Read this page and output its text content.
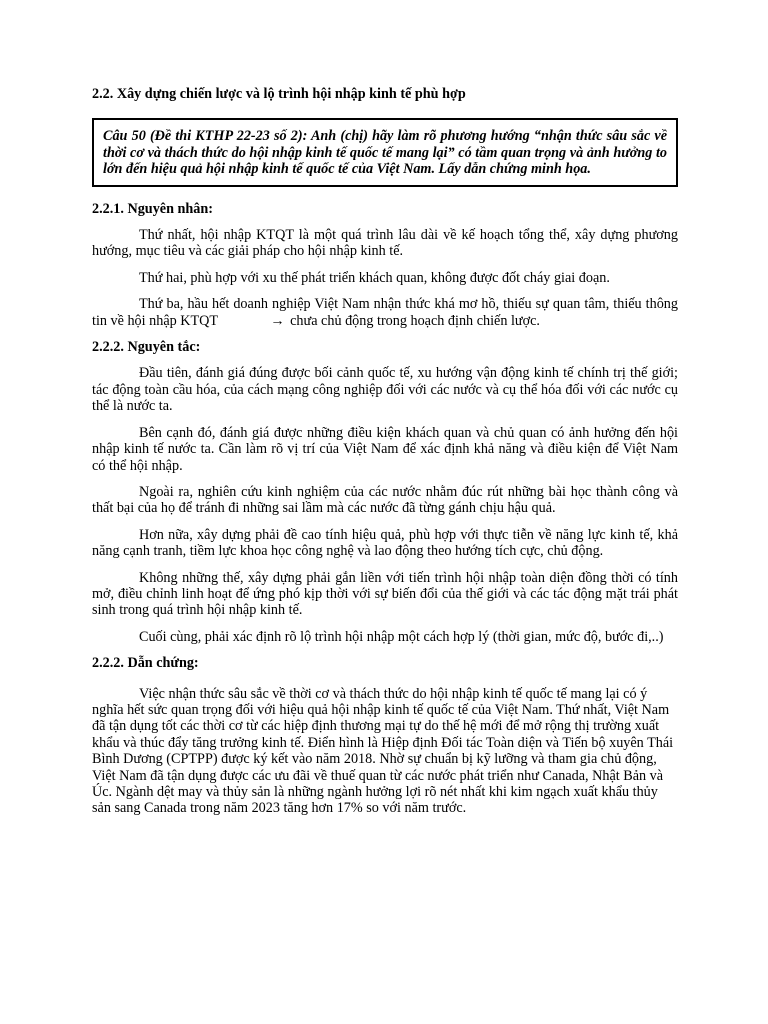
2.2. Xây dựng chiến lược và lộ trình hội nhập kinh tế phù hợp
Câu 50 (Đề thi KTHP 22-23 số 2): Anh (chị) hãy làm rõ phương hướng “nhận thức sâu sắc về thời cơ và thách thức do hội nhập kinh tế quốc tế mang lại” có tầm quan trọng và ảnh hưởng to lớn đến hiệu quả hội nhập kinh tế quốc tế của Việt Nam. Lấy dẫn chứng minh họa.
2.2.1. Nguyên nhân:
Thứ nhất, hội nhập KTQT là một quá trình lâu dài về kế hoạch tổng thể, xây dựng phương hướng, mục tiêu và các giải pháp cho hội nhập kinh tế.
Thứ hai, phù hợp với xu thế phát triển khách quan, không được đốt cháy giai đoạn.
Thứ ba, hầu hết doanh nghiệp Việt Nam nhận thức khá mơ hồ, thiếu sự quan tâm, thiếu thông tin về hội nhập KTQT	→ chưa chủ động trong hoạch định chiến lược.
2.2.2. Nguyên tắc:
Đầu tiên, đánh giá đúng được bối cảnh quốc tế, xu hướng vận động kinh tế chính trị thế giới; tác động toàn cầu hóa, của cách mạng công nghiệp đối với các nước và cụ thể hóa đối với các nước cụ thể là nước ta.
Bên cạnh đó, đánh giá được những điều kiện khách quan và chủ quan có ảnh hưởng đến hội nhập kinh tế nước ta. Cần làm rõ vị trí của Việt Nam để xác định khả năng và điều kiện để Việt Nam có thể hội nhập.
Ngoài ra, nghiên cứu kinh nghiệm của các nước nhằm đúc rút những bài học thành công và thất bại của họ để tránh đi những sai lầm mà các nước đã từng gánh chịu hậu quả.
Hơn nữa, xây dựng phải đề cao tính hiệu quả, phù hợp với thực tiễn về năng lực kinh tế, khả năng cạnh tranh, tiềm lực khoa học công nghệ và lao động theo hướng tích cực, chủ động.
Không những thế, xây dựng phải gắn liền với tiến trình hội nhập toàn diện đồng thời có tính mở, điều chỉnh linh hoạt để ứng phó kịp thời với sự biến đổi của thế giới và các tác động mặt trái phát sinh trong quá trình hội nhập kinh tế.
Cuối cùng, phải xác định rõ lộ trình hội nhập một cách hợp lý (thời gian, mức độ, bước đi,..)
2.2.2. Dẫn chứng:
Việc nhận thức sâu sắc về thời cơ và thách thức do hội nhập kinh tế quốc tế mang lại có ý nghĩa hết sức quan trọng đối với hiệu quả hội nhập kinh tế quốc tế của Việt Nam. Thứ nhất, Việt Nam đã tận dụng tốt các thời cơ từ các hiệp định thương mại tự do thế hệ mới để mở rộng thị trường xuất khẩu và thúc đẩy tăng trưởng kinh tế. Điển hình là Hiệp định Đối tác Toàn diện và Tiến bộ xuyên Thái Bình Dương (CPTPP) được ký kết vào năm 2018. Nhờ sự chuẩn bị kỹ lưỡng và tham gia chủ động, Việt Nam đã tận dụng được các ưu đãi về thuế quan từ các nước phát triển như Canada, Nhật Bản và Úc. Ngành dệt may và thủy sản là những ngành hưởng lợi rõ nét nhất khi kim ngạch xuất khẩu thủy sản sang Canada trong năm 2023 tăng hơn 17% so với năm trước.
